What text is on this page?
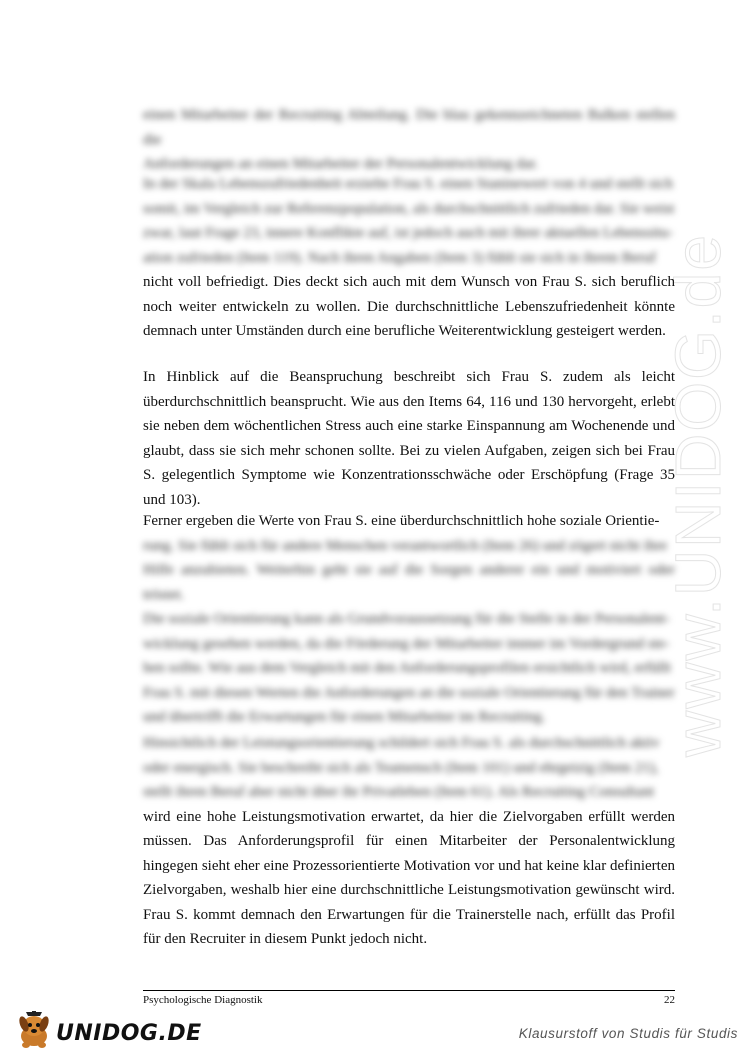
www.UNIDOG.de

einen Mitarbeiter der Recruiting Abteilung. Die blau gekennzeichneten Balken stellen die
Anforderungen an einen Mitarbeiter der Personalentwicklung dar.

In der Skala Lebenszufriedenheit erzielte Frau S. einen Staninewert von 4 und stellt sich
somit, im Vergleich zur Referenzpopulation, als durchschnittlich zufrieden dar. Sie weist
zwar, laut Frage 23, innere Konflikte auf, ist jedoch auch mit ihrer aktuellen Lebenssitu-
ation zufrieden (Item 119). Nach ihren Angaben (Item 3) fühlt sie sich in ihrem Beruf
nicht voll befriedigt. Dies deckt sich auch mit dem Wunsch von Frau S. sich beruflich noch weiter entwickeln zu wollen. Die durchschnittliche Lebenszufriedenheit könnte demnach unter Umständen durch eine berufliche Weiterentwicklung gesteigert werden.

In Hinblick auf die Beanspruchung beschreibt sich Frau S. zudem als leicht überdurchschnittlich beansprucht. Wie aus den Items 64, 116 und 130 hervorgeht, erlebt sie neben dem wöchentlichen Stress auch eine starke Einspannung am Wochenende und glaubt, dass sie sich mehr schonen sollte. Bei zu vielen Aufgaben, zeigen sich bei Frau S. gelegentlich Symptome wie Konzentrationsschwäche oder Erschöpfung (Frage 35 und 103).

Ferner ergeben die Werte von Frau S. eine überdurchschnittlich hohe soziale Orientie-
rung. Sie fühlt sich für andere Menschen verantwortlich (Item 26) und zögert nicht ihre
Hilfe anzubieten. Weiterhin geht sie auf die Sorgen anderer ein und motiviert oder tröstet.
Die soziale Orientierung kann als Grundvoraussetzung für die Stelle in der Personalent-
wicklung gesehen werden, da die Förderung der Mitarbeiter immer im Vordergrund ste-
hen sollte. Wie aus dem Vergleich mit den Anforderungsprofilen ersichtlich wird, erfüllt
Frau S. mit diesen Werten die Anforderungen an die soziale Orientierung für den Trainer
und übertrifft die Erwartungen für einen Mitarbeiter im Recruiting.
Hinsichtlich der Leistungsorientierung schildert sich Frau S. als durchschnittlich aktiv
oder energisch. Sie beschreibt sich als Teamensch (Item 101) und ehrgeizig (Item 21),
stellt ihren Beruf aber nicht über ihr Privatleben (Item 61). Als Recruiting Consultant
wird eine hohe Leistungsmotivation erwartet, da hier die Zielvorgaben erfüllt werden müssen. Das Anforderungsprofil für einen Mitarbeiter der Personalentwicklung hingegen sieht eher eine Prozessorientierte Motivation vor und hat keine klar definierten Zielvorgaben, weshalb hier eine durchschnittliche Leistungsmotivation gewünscht wird. Frau S. kommt demnach den Erwartungen für die Trainerstelle nach, erfüllt das Profil für den Recruiter in diesem Punkt jedoch nicht.
Psychologische Diagnostik	22
UNIDOG.DE	Klausurstoff von Studis für Studis
